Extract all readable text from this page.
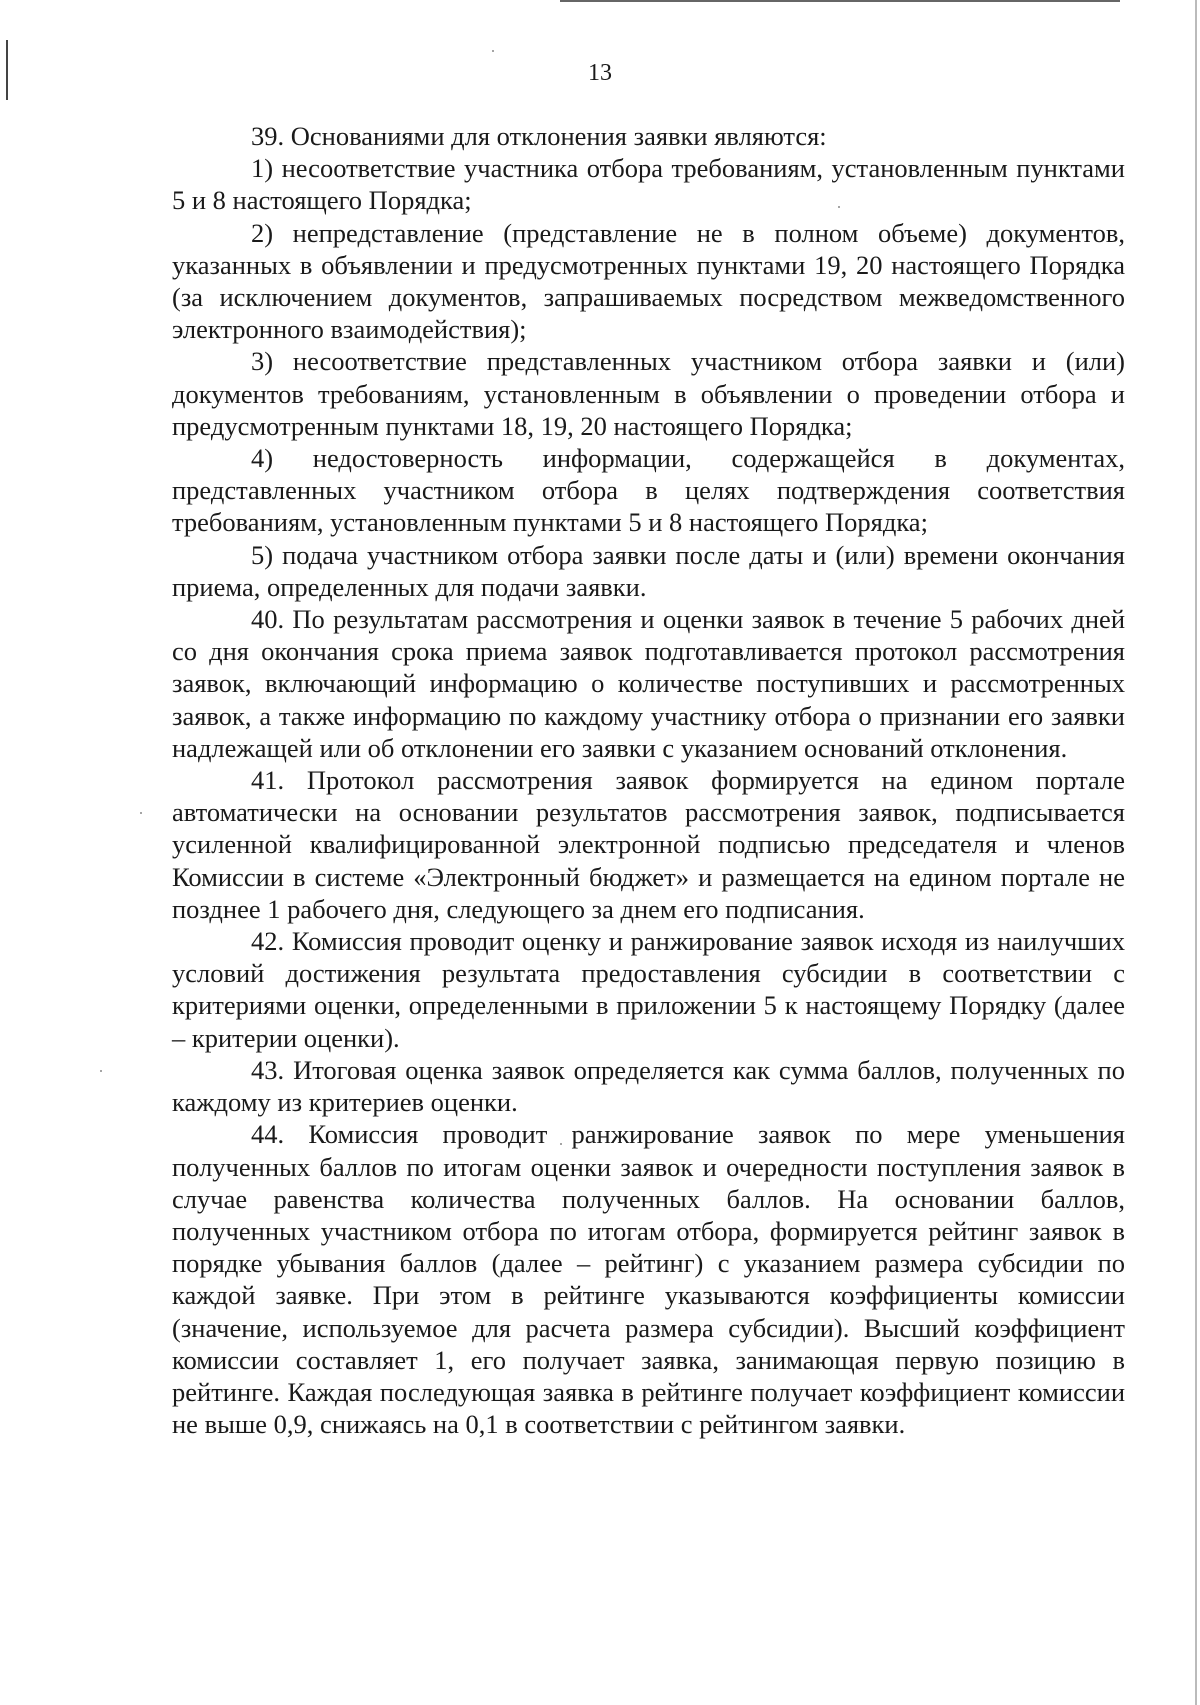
13

39. Основаниями для отклонения заявки являются:

1) несоответствие участника отбора требованиям, установленным пунктами 5 и 8 настоящего Порядка;

2) непредставление (представление не в полном объеме) документов, указанных в объявлении и предусмотренных пунктами 19, 20 настоящего Порядка (за исключением документов, запрашиваемых посредством межведомственного электронного взаимодействия);

3) несоответствие представленных участником отбора заявки и (или) документов требованиям, установленным в объявлении о проведении отбора и предусмотренным пунктами 18, 19, 20 настоящего Порядка;

4) недостоверность информации, содержащейся в документах, представленных участником отбора в целях подтверждения соответствия требованиям, установленным пунктами 5 и 8 настоящего Порядка;

5) подача участником отбора заявки после даты и (или) времени окончания приема, определенных для подачи заявки.

40. По результатам рассмотрения и оценки заявок в течение 5 рабочих дней со дня окончания срока приема заявок подготавливается протокол рассмотрения заявок, включающий информацию о количестве поступивших и рассмотренных заявок, а также информацию по каждому участнику отбора о признании его заявки надлежащей или об отклонении его заявки с указанием оснований отклонения.

41. Протокол рассмотрения заявок формируется на едином портале автоматически на основании результатов рассмотрения заявок, подписывается усиленной квалифицированной электронной подписью председателя и членов Комиссии в системе «Электронный бюджет» и размещается на едином портале не позднее 1 рабочего дня, следующего за днем его подписания.

42. Комиссия проводит оценку и ранжирование заявок исходя из наилучших условий достижения результата предоставления субсидии в соответствии с критериями оценки, определенными в приложении 5 к настоящему Порядку (далее – критерии оценки).

43. Итоговая оценка заявок определяется как сумма баллов, полученных по каждому из критериев оценки.

44. Комиссия проводит ранжирование заявок по мере уменьшения полученных баллов по итогам оценки заявок и очередности поступления заявок в случае равенства количества полученных баллов. На основании баллов, полученных участником отбора по итогам отбора, формируется рейтинг заявок в порядке убывания баллов (далее – рейтинг) с указанием размера субсидии по каждой заявке. При этом в рейтинге указываются коэффициенты комиссии (значение, используемое для расчета размера субсидии). Высший коэффициент комиссии составляет 1, его получает заявка, занимающая первую позицию в рейтинге. Каждая последующая заявка в рейтинге получает коэффициент комиссии не выше 0,9, снижаясь на 0,1 в соответствии с рейтингом заявки.
